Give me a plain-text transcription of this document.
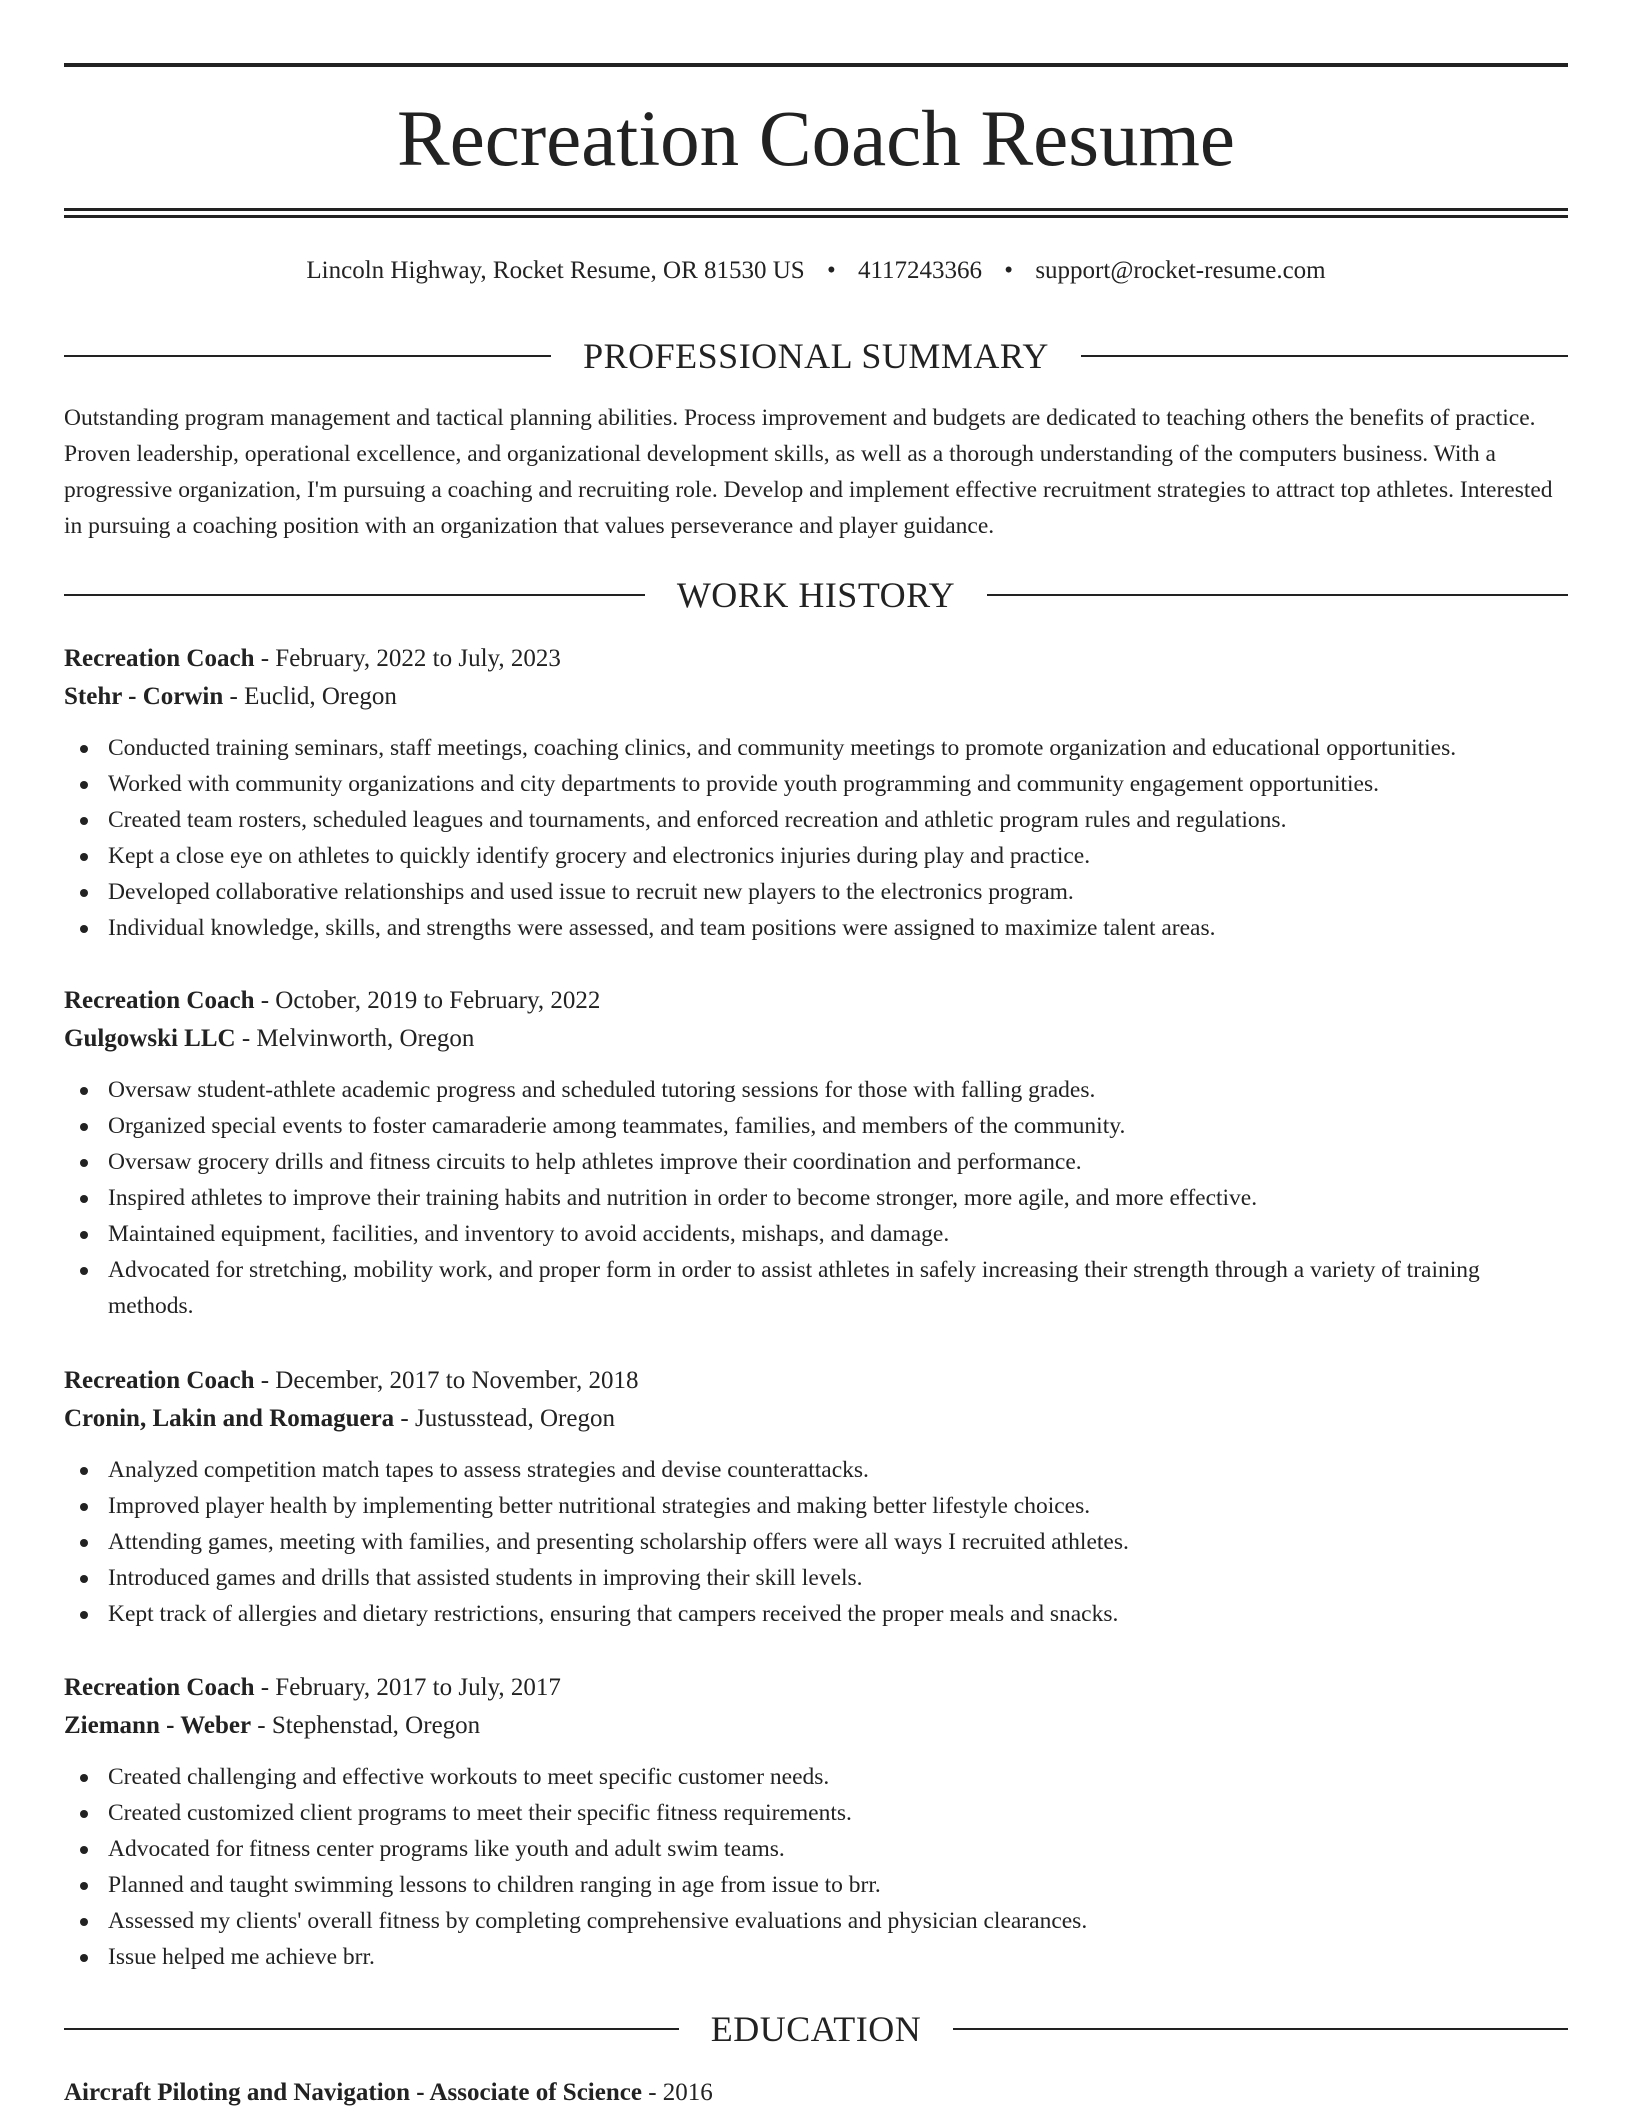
Recreation Coach Resume
Lincoln Highway, Rocket Resume, OR 81530 US • 4117243366 • support@rocket-resume.com
PROFESSIONAL SUMMARY

Outstanding program management and tactical planning abilities. Process improvement and budgets are dedicated to teaching others the benefits of practice. Proven leadership, operational excellence, and organizational development skills, as well as a thorough understanding of the computers business. With a progressive organization, I'm pursuing a coaching and recruiting role. Develop and implement effective recruitment strategies to attract top athletes. Interested in pursuing a coaching position with an organization that values perseverance and player guidance.

WORK HISTORY
Recreation Coach - February, 2022 to July, 2023
Stehr - Corwin - Euclid, Oregon
Conducted training seminars, staff meetings, coaching clinics, and community meetings to promote organization and educational opportunities.
Worked with community organizations and city departments to provide youth programming and community engagement opportunities.
Created team rosters, scheduled leagues and tournaments, and enforced recreation and athletic program rules and regulations.
Kept a close eye on athletes to quickly identify grocery and electronics injuries during play and practice.
Developed collaborative relationships and used issue to recruit new players to the electronics program.
Individual knowledge, skills, and strengths were assessed, and team positions were assigned to maximize talent areas.
Recreation Coach - October, 2019 to February, 2022
Gulgowski LLC - Melvinworth, Oregon
Oversaw student-athlete academic progress and scheduled tutoring sessions for those with falling grades.
Organized special events to foster camaraderie among teammates, families, and members of the community.
Oversaw grocery drills and fitness circuits to help athletes improve their coordination and performance.
Inspired athletes to improve their training habits and nutrition in order to become stronger, more agile, and more effective.
Maintained equipment, facilities, and inventory to avoid accidents, mishaps, and damage.
Advocated for stretching, mobility work, and proper form in order to assist athletes in safely increasing their strength through a variety of training methods.
Recreation Coach - December, 2017 to November, 2018
Cronin, Lakin and Romaguera - Justusstead, Oregon
Analyzed competition match tapes to assess strategies and devise counterattacks.
Improved player health by implementing better nutritional strategies and making better lifestyle choices.
Attending games, meeting with families, and presenting scholarship offers were all ways I recruited athletes.
Introduced games and drills that assisted students in improving their skill levels.
Kept track of allergies and dietary restrictions, ensuring that campers received the proper meals and snacks.
Recreation Coach - February, 2017 to July, 2017
Ziemann - Weber - Stephenstad, Oregon
Created challenging and effective workouts to meet specific customer needs.
Created customized client programs to meet their specific fitness requirements.
Advocated for fitness center programs like youth and adult swim teams.
Planned and taught swimming lessons to children ranging in age from issue to brr.
Assessed my clients' overall fitness by completing comprehensive evaluations and physician clearances.
Issue helped me achieve brr.
EDUCATION
Aircraft Piloting and Navigation - Associate of Science - 2016
